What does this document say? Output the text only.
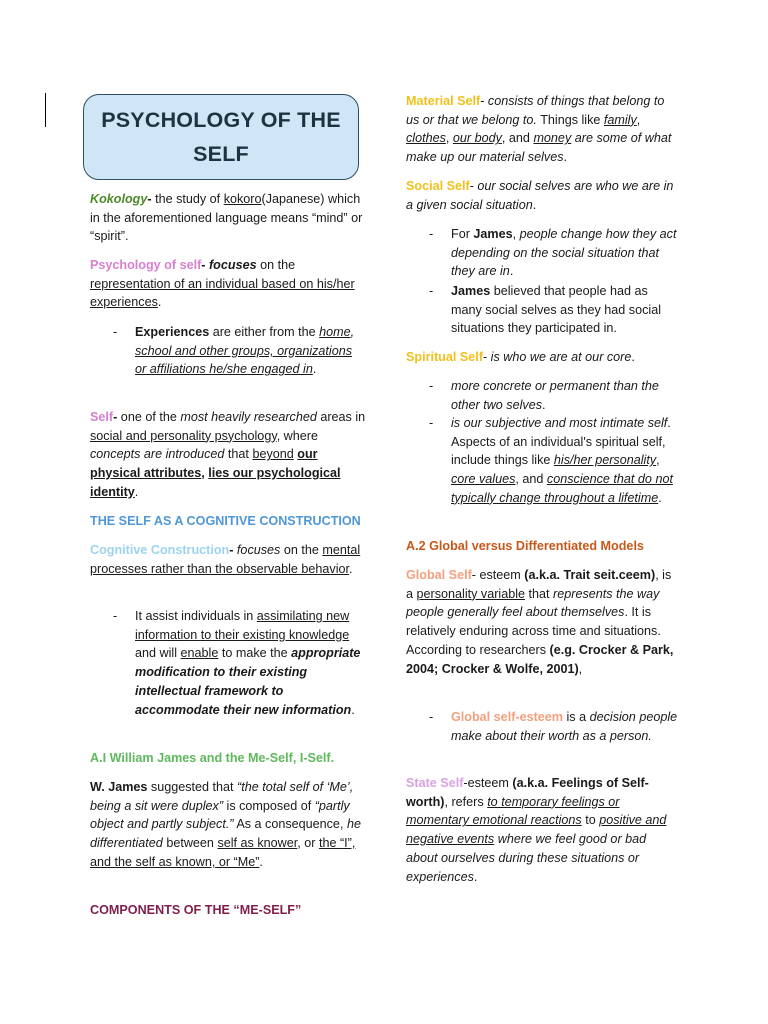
PSYCHOLOGY OF THE SELF

Kokology- the study of kokoro(Japanese) which in the aforementioned language means “mind” or “spirit”.

Psychology of self- focuses on the representation of an individual based on his/her experiences.

- Experiences are either from the home, school and other groups, organizations or affiliations he/she engaged in.

Self- one of the most heavily researched areas in social and personality psychology, where concepts are introduced that beyond our physical attributes, lies our psychological identity.

THE SELF AS A COGNITIVE CONSTRUCTION

Cognitive Construction- focuses on the mental processes rather than the observable behavior.

- It assist individuals in assimilating new information to their existing knowledge and will enable to make the appropriate modification to their existing intellectual framework to accommodate their new information.

A.I William James and the Me-Self, I-Self.

W. James suggested that “the total self of ‘Me’, being a sit were duplex” is composed of “partly object and partly subject.” As a consequence, he differentiated between self as knower, or the “I”, and the self as known, or “Me”.

COMPONENTS OF THE “ME-SELF”

Material Self- consists of things that belong to us or that we belong to. Things like family, clothes, our body, and money are some of what make up our material selves.

Social Self- our social selves are who we are in a given social situation.

- For James, people change how they act depending on the social situation that they are in.
- James believed that people had as many social selves as they had social situations they participated in.

Spiritual Self- is who we are at our core.

- more concrete or permanent than the other two selves.
- is our subjective and most intimate self. Aspects of an individual's spiritual self, include things like his/her personality, core values, and conscience that do not typically change throughout a lifetime.

A.2 Global versus Differentiated Models

Global Self- esteem (a.k.a. Trait seit.ceem), is a personality variable that represents the way people generally feel about themselves. It is relatively enduring across time and situations. According to researchers (e.g. Crocker & Park, 2004; Crocker & Wolfe, 2001),

- Global self-esteem is a decision people make about their worth as a person.

State Self-esteem (a.k.a. Feelings of Self-worth), refers to temporary feelings or momentary emotional reactions to positive and negative events where we feel good or bad about ourselves during these situations or experiences.
